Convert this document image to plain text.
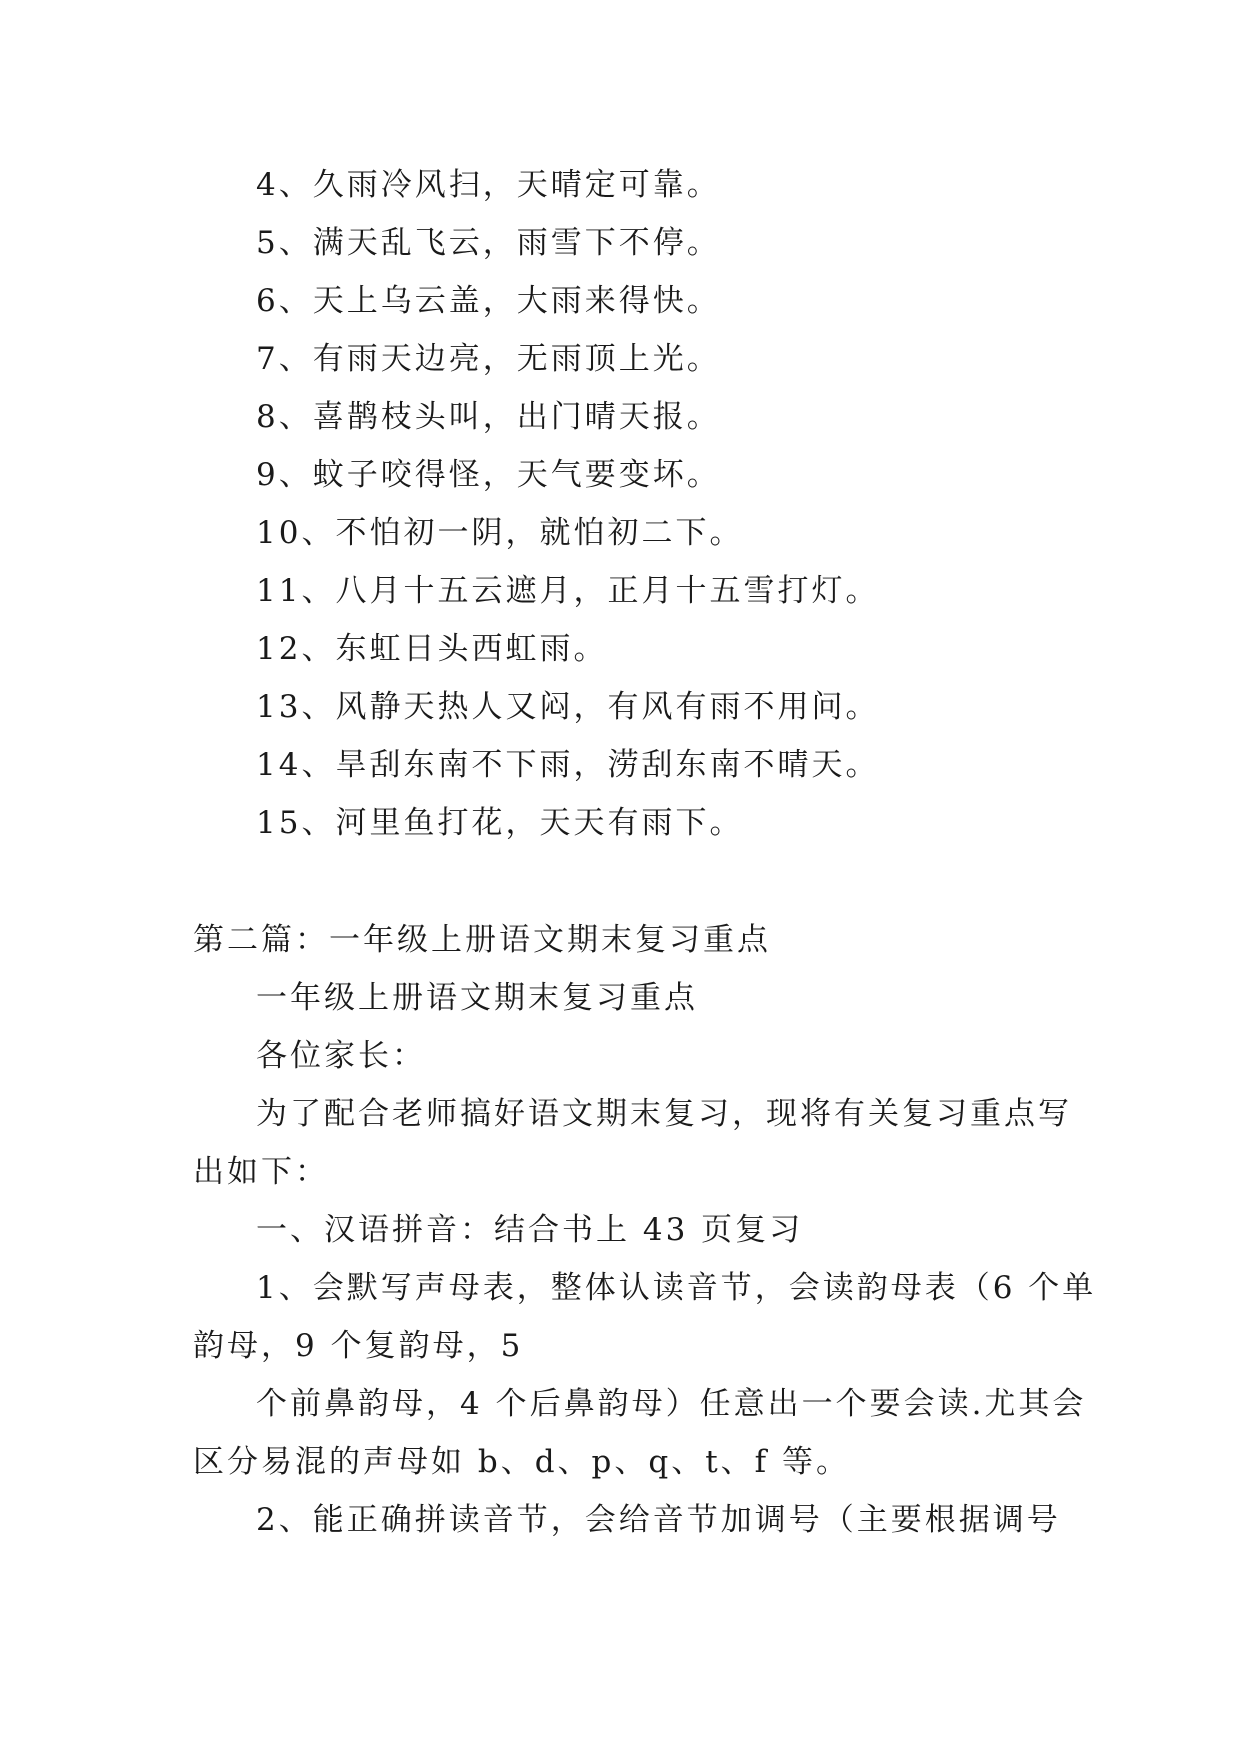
4、久雨冷风扫，天晴定可靠。

5、满天乱飞云，雨雪下不停。

6、天上乌云盖，大雨来得快。

7、有雨天边亮，无雨顶上光。

8、喜鹊枝头叫，出门晴天报。

9、蚊子咬得怪，天气要变坏。

10、不怕初一阴，就怕初二下。

11、八月十五云遮月，正月十五雪打灯。

12、东虹日头西虹雨。

13、风静天热人又闷，有风有雨不用问。

14、旱刮东南不下雨，涝刮东南不晴天。

15、河里鱼打花，天天有雨下。

第二篇：一年级上册语文期末复习重点

一年级上册语文期末复习重点

各位家长：

为了配合老师搞好语文期末复习，现将有关复习重点写

出如下：

一、汉语拼音：结合书上 43 页复习

1、会默写声母表，整体认读音节，会读韵母表（6 个单

韵母，9 个复韵母，5

个前鼻韵母，4 个后鼻韵母）任意出一个要会读.尤其会

区分易混的声母如 b、d、p、q、t、f 等。

2、能正确拼读音节，会给音节加调号（主要根据调号
